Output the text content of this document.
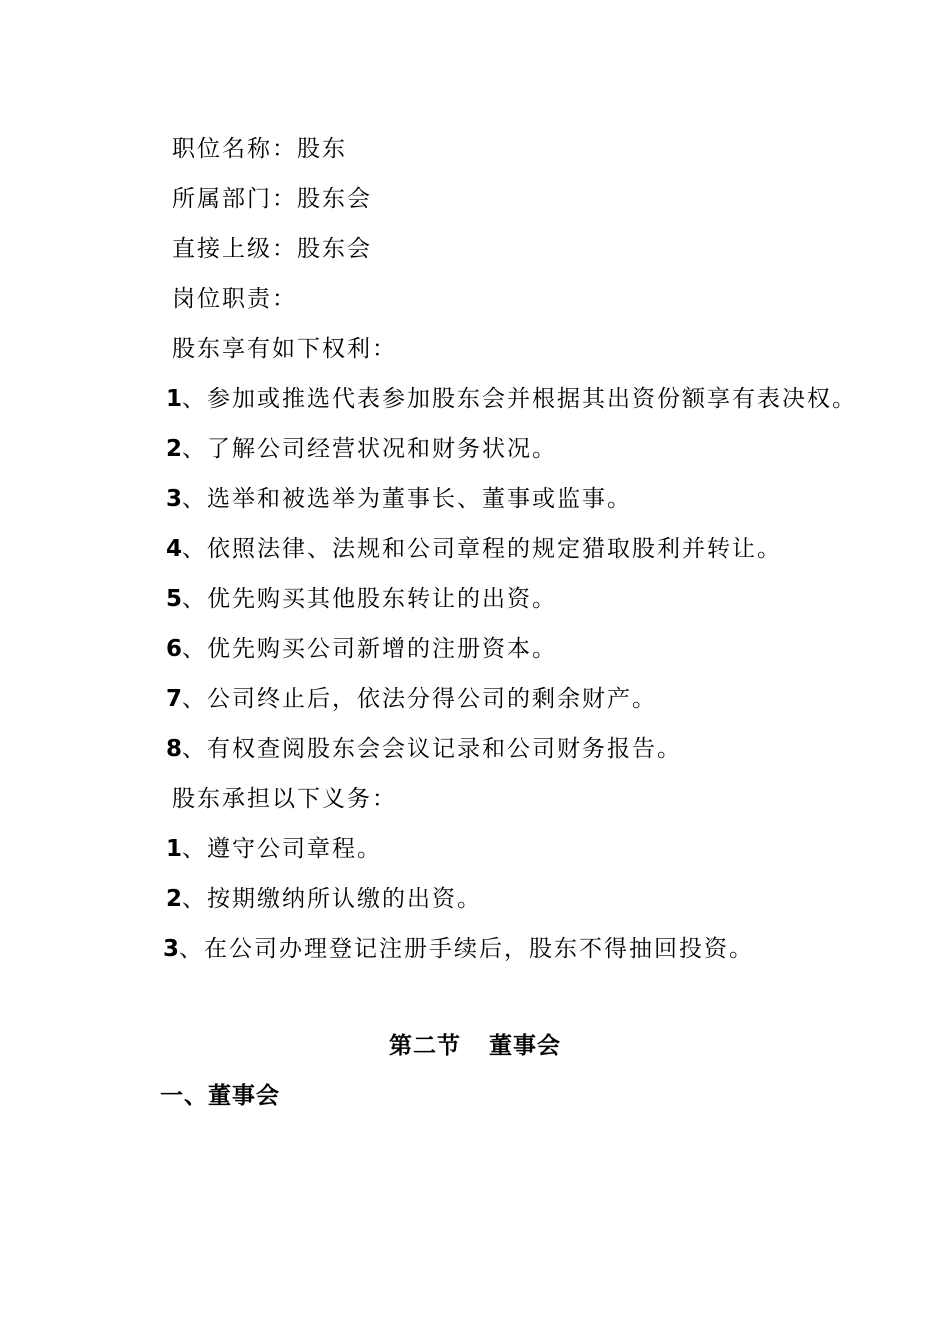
职位名称：股东
所属部门：股东会
直接上级：股东会
岗位职责：
股东享有如下权利：
1、参加或推选代表参加股东会并根据其出资份额享有表决权。
2、了解公司经营状况和财务状况。
3、选举和被选举为董事长、董事或监事。
4、依照法律、法规和公司章程的规定猎取股利并转让。
5、优先购买其他股东转让的出资。
6、优先购买公司新增的注册资本。
7、公司终止后，依法分得公司的剩余财产。
8、有权查阅股东会会议记录和公司财务报告。
股东承担以下义务：
1、遵守公司章程。
2、按期缴纳所认缴的出资。
3、在公司办理登记注册手续后，股东不得抽回投资。
第二节 董事会
一、董事会
